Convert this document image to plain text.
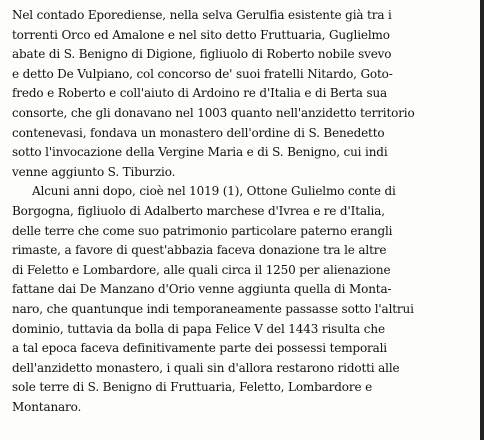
Nel contado Eporediense, nella selva Gerulfia esistente già tra i
torrenti Orco ed Amalone e nel sito detto Fruttuaria, Guglielmo
abate di S. Benigno di Digione, figliuolo di Roberto nobile svevo
e detto De Vulpiano, col concorso de' suoi fratelli Nitardo, Goto-
fredo e Roberto e coll'aiuto di Ardoino re d'Italia e di Berta sua
consorte, che gli donavano nel 1003 quanto nell'anzidetto territorio
contenevasi, fondava un monastero dell'ordine di S. Benedetto
sotto l'invocazione della Vergine Maria e di S. Benigno, cui indi
venne aggiunto S. Tiburzio.

Alcuni anni dopo, cioè nel 1019 (1), Ottone Gulielmo conte di
Borgogna, figliuolo di Adalberto marchese d'Ivrea e re d'Italia,
delle terre che come suo patrimonio particolare paterno erangli
rimaste, a favore di quest'abbazia faceva donazione tra le altre
di Feletto e Lombardore, alle quali circa il 1250 per alienazione
fattane dai De Manzano d'Orio venne aggiunta quella di Monta-
naro, che quantunque indi temporaneamente passasse sotto l'altrui
dominio, tuttavia da bolla di papa Felice V del 1443 risulta che
a tal epoca faceva definitivamente parte dei possessi temporali
dell'anzidetto monastero, i quali sin d'allora restarono ridotti alle
sole terre di S. Benigno di Fruttuaria, Feletto, Lombardore e
Montanaro.
